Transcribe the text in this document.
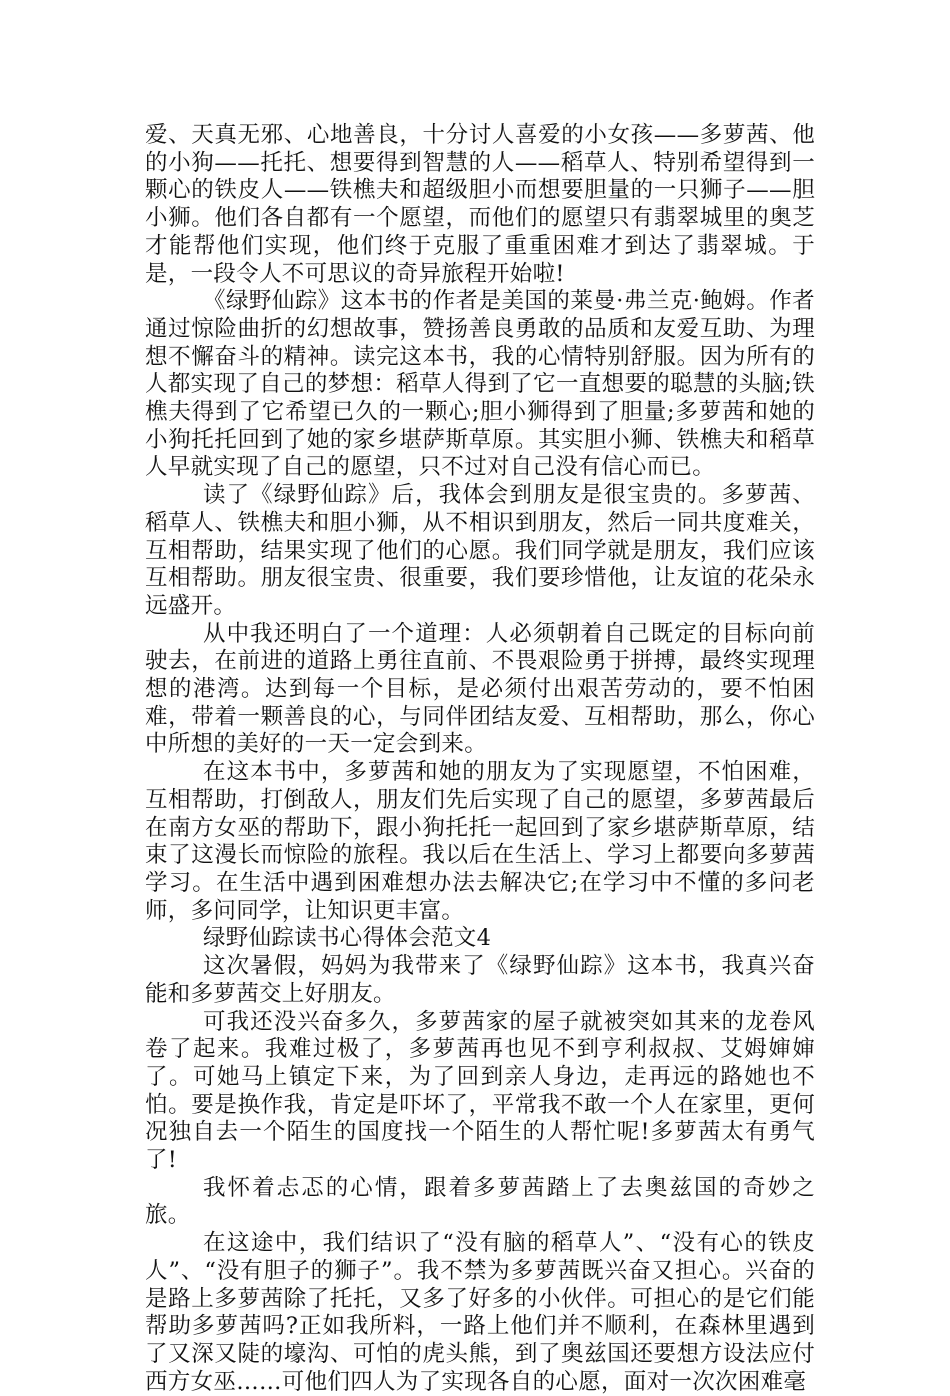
爱、天真无邪、心地善良，十分讨人喜爱的小女孩——多萝茜、他的小狗——托托、想要得到智慧的人——稻草人、特别希望得到一颗心的铁皮人——铁樵夫和超级胆小而想要胆量的一只狮子——胆小狮。他们各自都有一个愿望，而他们的愿望只有翡翠城里的奥芝才能帮他们实现，他们终于克服了重重困难才到达了翡翠城。于是，一段令人不可思议的奇异旅程开始啦!

《绿野仙踪》这本书的作者是美国的莱曼·弗兰克·鲍姆。作者通过惊险曲折的幻想故事，赞扬善良勇敢的品质和友爱互助、为理想不懈奋斗的精神。读完这本书，我的心情特别舒服。因为所有的人都实现了自己的梦想：稻草人得到了它一直想要的聪慧的头脑;铁樵夫得到了它希望已久的一颗心;胆小狮得到了胆量;多萝茜和她的小狗托托回到了她的家乡堪萨斯草原。其实胆小狮、铁樵夫和稻草人早就实现了自己的愿望，只不过对自己没有信心而已。

读了《绿野仙踪》后，我体会到朋友是很宝贵的。多萝茜、稻草人、铁樵夫和胆小狮，从不相识到朋友，然后一同共度难关，互相帮助，结果实现了他们的心愿。我们同学就是朋友，我们应该互相帮助。朋友很宝贵、很重要，我们要珍惜他，让友谊的花朵永远盛开。

从中我还明白了一个道理：人必须朝着自己既定的目标向前驶去，在前进的道路上勇往直前、不畏艰险勇于拼搏，最终实现理想的港湾。达到每一个目标，是必须付出艰苦劳动的，要不怕困难，带着一颗善良的心，与同伴团结友爱、互相帮助，那么，你心中所想的美好的一天一定会到来。

在这本书中，多萝茜和她的朋友为了实现愿望，不怕困难，互相帮助，打倒敌人，朋友们先后实现了自己的愿望，多萝茜最后在南方女巫的帮助下，跟小狗托托一起回到了家乡堪萨斯草原，结束了这漫长而惊险的旅程。我以后在生活上、学习上都要向多萝茜学习。在生活中遇到困难想办法去解决它;在学习中不懂的多问老师，多问同学，让知识更丰富。

绿野仙踪读书心得体会范文4

这次暑假，妈妈为我带来了《绿野仙踪》这本书，我真兴奋能和多萝茜交上好朋友。

可我还没兴奋多久，多萝茜家的屋子就被突如其来的龙卷风卷了起来。我难过极了，多萝茜再也见不到亨利叔叔、艾姆婶婶了。可她马上镇定下来，为了回到亲人身边，走再远的路她也不怕。要是换作我，肯定是吓坏了，平常我不敢一个人在家里，更何况独自去一个陌生的国度找一个陌生的人帮忙呢!多萝茜太有勇气了!

我怀着忐忑的心情，跟着多萝茜踏上了去奥兹国的奇妙之旅。

在这途中，我们结识了“没有脑的稻草人”、“没有心的铁皮人”、“没有胆子的狮子”。我不禁为多萝茜既兴奋又担心。兴奋的是路上多萝茜除了托托，又多了好多的小伙伴。可担心的是它们能帮助多萝茜吗?正如我所料，一路上他们并不顺利，在森林里遇到了又深又陡的壕沟、可怕的虎头熊，到了奥兹国还要想方设法应付西方女巫……可他们四人为了实现各自的心愿，面对一次次困难毫
